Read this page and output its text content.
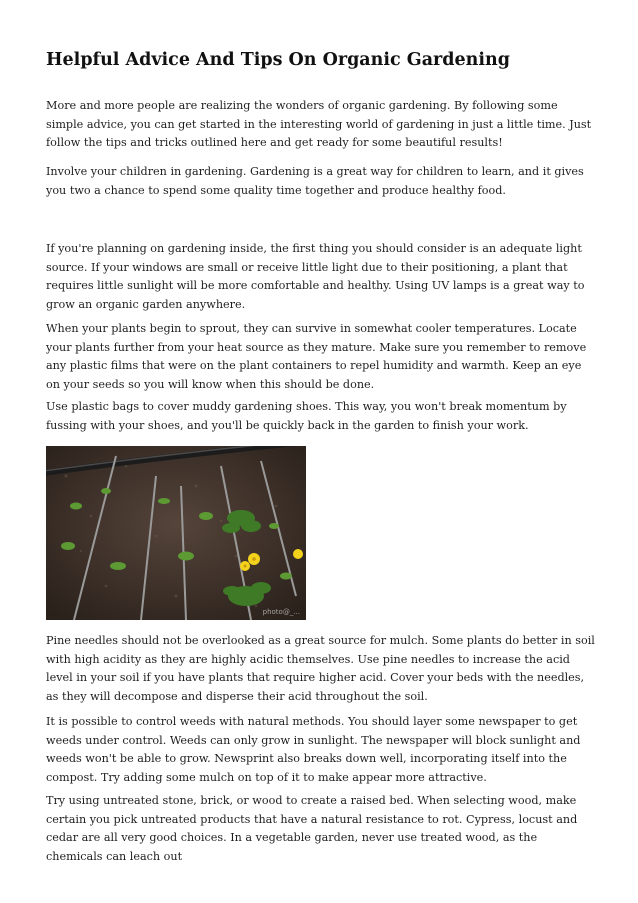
Helpful Advice And Tips On Organic Gardening

More and more people are realizing the wonders of organic gardening. By following some simple advice, you can get started in the interesting world of gardening in just a little time. Just follow the tips and tricks outlined here and get ready for some beautiful results!

Involve your children in gardening. Gardening is a great way for children to learn, and it gives you two a chance to spend some quality time together and produce healthy food.

If you're planning on gardening inside, the first thing you should consider is an adequate light source. If your windows are small or receive little light due to their positioning, a plant that requires little sunlight will be more comfortable and healthy. Using UV lamps is a great way to grow an organic garden anywhere.

When your plants begin to sprout, they can survive in somewhat cooler temperatures. Locate your plants further from your heat source as they mature. Make sure you remember to remove any plastic films that were on the plant containers to repel humidity and warmth. Keep an eye on your seeds so you will know when this should be done.

Use plastic bags to cover muddy gardening shoes. This way, you won't break momentum by fussing with your shoes, and you'll be quickly back in the garden to finish your work.

photo@_...

Pine needles should not be overlooked as a great source for mulch. Some plants do better in soil with high acidity as they are highly acidic themselves. Use pine needles to increase the acid level in your soil if you have plants that require higher acid. Cover your beds with the needles, as they will decompose and disperse their acid throughout the soil.

It is possible to control weeds with natural methods. You should layer some newspaper to get weeds under control. Weeds can only grow in sunlight. The newspaper will block sunlight and weeds won't be able to grow. Newsprint also breaks down well, incorporating itself into the compost. Try adding some mulch on top of it to make appear more attractive.

Try using untreated stone, brick, or wood to create a raised bed. When selecting wood, make certain you pick untreated products that have a natural resistance to rot. Cypress, locust and cedar are all very good choices. In a vegetable garden, never use treated wood, as the chemicals can leach out
